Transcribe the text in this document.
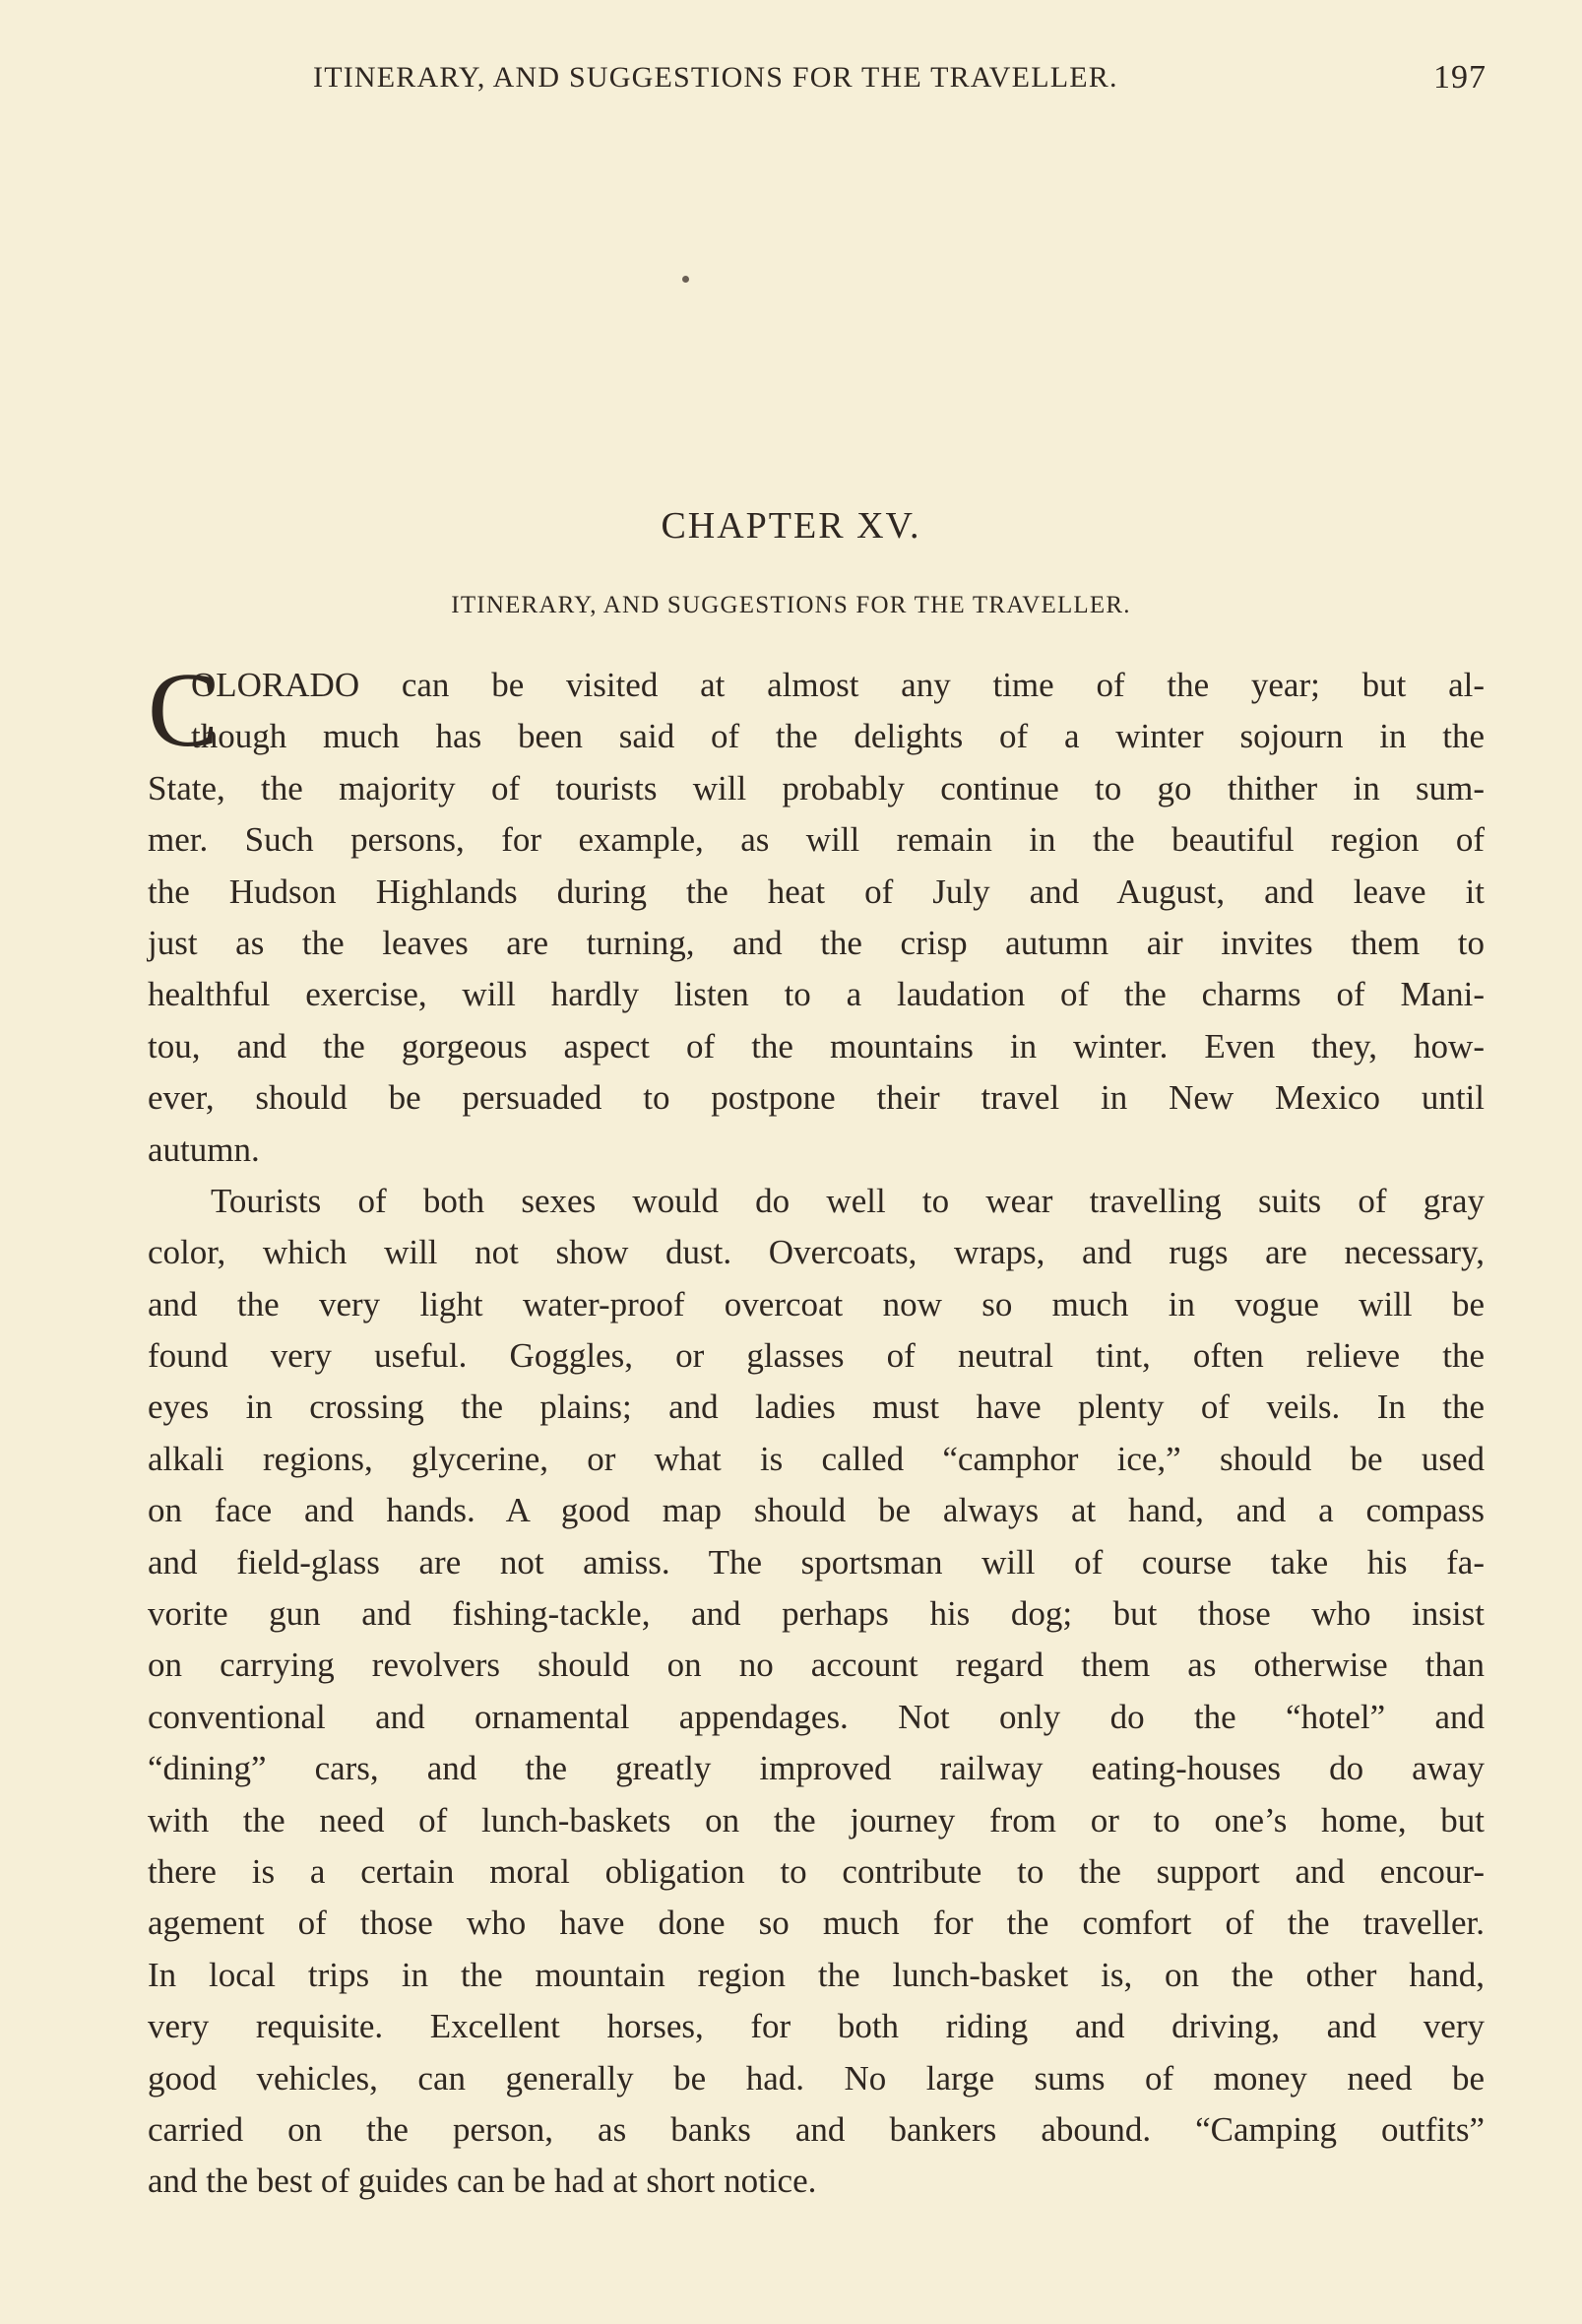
ITINERARY, AND SUGGESTIONS FOR THE TRAVELLER.	197
CHAPTER XV.
ITINERARY, AND SUGGESTIONS FOR THE TRAVELLER.
C
OLORADO can be visited at almost any time of the year; but al-
though much has been said of the delights of a winter sojourn in the
State, the majority of tourists will probably continue to go thither in sum-
mer. Such persons, for example, as will remain in the beautiful region of
the Hudson Highlands during the heat of July and August, and leave it
just as the leaves are turning, and the crisp autumn air invites them to
healthful exercise, will hardly listen to a laudation of the charms of Mani-
tou, and the gorgeous aspect of the mountains in winter. Even they, how-
ever, should be persuaded to postpone their travel in New Mexico until
autumn.
Tourists of both sexes would do well to wear travelling suits of gray
color, which will not show dust. Overcoats, wraps, and rugs are necessary,
and the very light water-proof overcoat now so much in vogue will be
found very useful. Goggles, or glasses of neutral tint, often relieve the
eyes in crossing the plains; and ladies must have plenty of veils. In the
alkali regions, glycerine, or what is called “camphor ice,” should be used
on face and hands. A good map should be always at hand, and a compass
and field-glass are not amiss. The sportsman will of course take his fa-
vorite gun and fishing-tackle, and perhaps his dog; but those who insist
on carrying revolvers should on no account regard them as otherwise than
conventional and ornamental appendages. Not only do the “hotel” and
“dining” cars, and the greatly improved railway eating-houses do away
with the need of lunch-baskets on the journey from or to one’s home, but
there is a certain moral obligation to contribute to the support and encour-
agement of those who have done so much for the comfort of the traveller.
In local trips in the mountain region the lunch-basket is, on the other hand,
very requisite. Excellent horses, for both riding and driving, and very
good vehicles, can generally be had. No large sums of money need be
carried on the person, as banks and bankers abound. “Camping outfits”
and the best of guides can be had at short notice.
